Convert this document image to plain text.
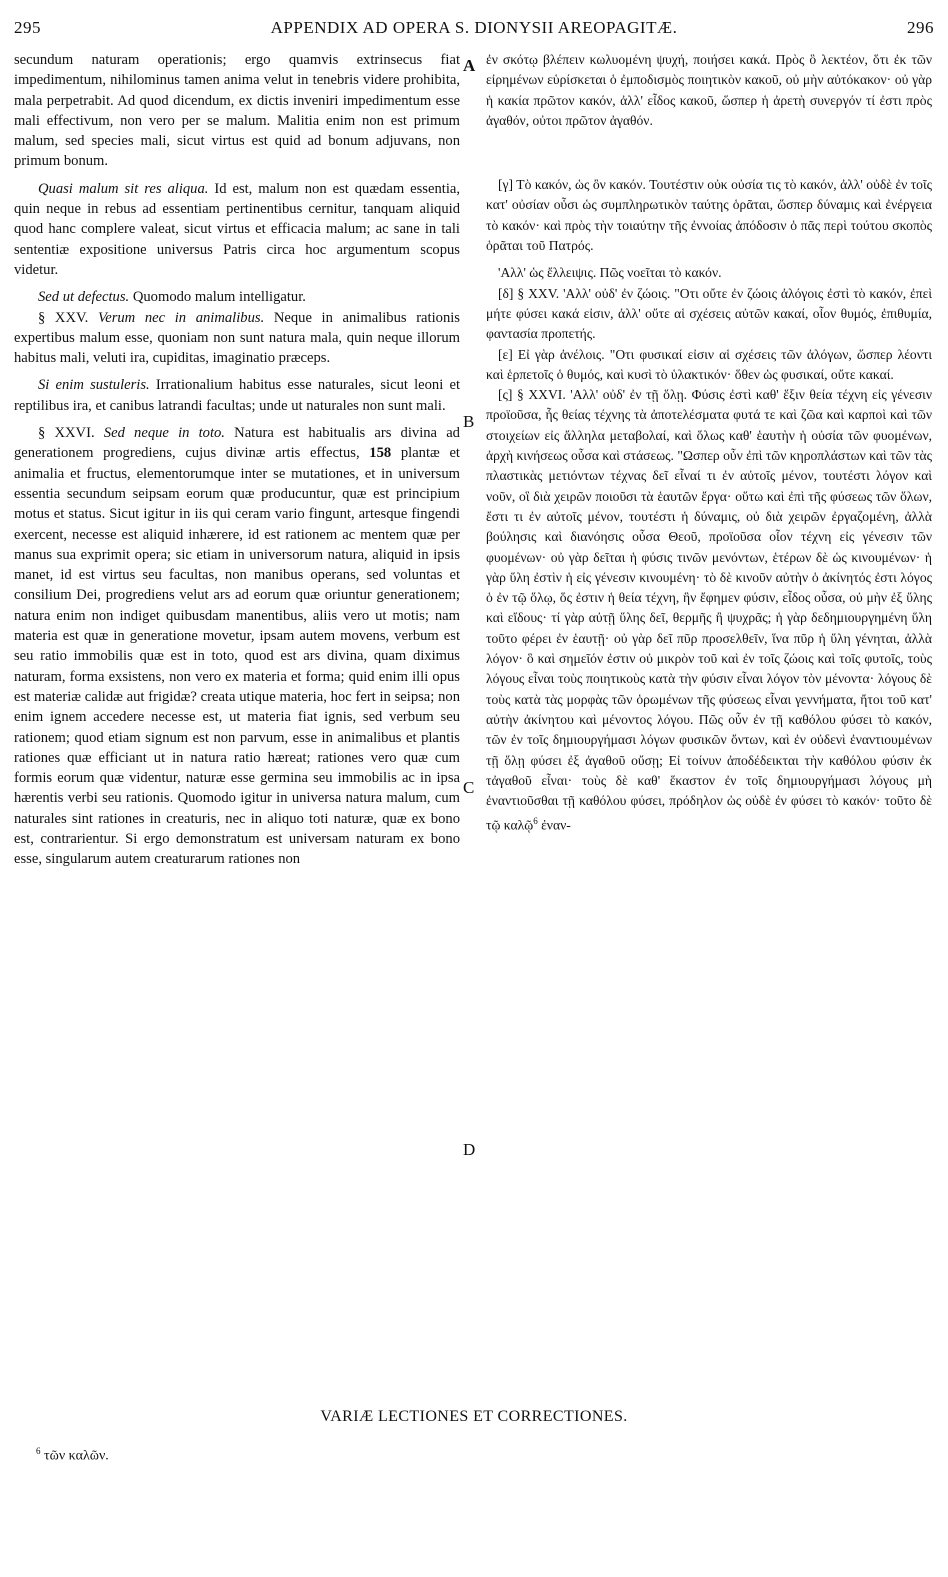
295	APPENDIX AD OPERA S. DIONYSII AREOPAGITÆ.	296

secundum naturam operationis; ergo quamvis extrinsecus fiat impedimentum, nihilominus tamen anima velut in tenebris videre prohibita, mala perpetrabit. Ad quod dicendum, ex dictis inveniri impedimentum esse mali effectivum, non vero per se malum. Malitia enim non est primum malum, sed species mali, sicut virtus est quid ad bonum adjuvans, non primum bonum.

Quasi malum sit res aliqua. Id est, malum non est quædam essentia, quin neque in rebus ad essentiam pertinentibus cernitur, tanquam aliquid quod hanc complere valeat, sicut virtus et efficacia malum; ac sane in tali sententiæ expositione universus Patris circa hoc argumentum scopus videtur.

Sed ut defectus. Quomodo malum intelligatur.

§ XXV. Verum nec in animalibus. Neque in animalibus rationis expertibus malum esse, quoniam non sunt natura mala, quin neque illorum habitus mali, veluti ira, cupiditas, imaginatio præceps.

Si enim sustuleris. Irrationalium habitus esse naturales, sicut leoni et reptilibus ira, et canibus latrandi facultas; unde ut naturales non sunt mali.

§ XXVI. Sed neque in toto. Natura est habitualis ars divina ad generationem progrediens, cujus divinæ artis effectus, 158 plantæ et animalia et fructus, elementorumque inter se mutationes, et in universum essentia secundum seipsam eorum quæ producuntur, quæ est principium motus et status. Sicut igitur in iis qui ceram vario fingunt, artesque fingendi exercent, necesse est aliquid inhærere, id est rationem ac mentem quæ per manus sua exprimit opera; sic etiam in universorum natura, aliquid in ipsis manet, id est virtus seu facultas, non manibus operans, sed voluntas et consilium Dei, progrediens velut ars ad eorum quæ oriuntur generationem; natura enim non indiget quibusdam manentibus, aliis vero ut motis; nam materia est quæ in generatione movetur, ipsam autem movens, verbum est seu ratio immobilis quæ est in toto, quod est ars divina, quam diximus naturam, forma exsistens, non vero ex materia et forma; quid enim illi opus est materiæ calidæ aut frigidæ? creata utique materia, hoc fert in seipsa; non enim ignem accedere necesse est, ut materia fiat ignis, sed verbum seu rationem; quod etiam signum est non parvum, esse in animalibus et plantis rationes quæ efficiant ut in natura ratio hæreat; rationes vero quæ cum formis eorum quæ videntur, naturæ esse germina seu immobilis ac in ipsa hærentis verbi seu rationis. Quomodo igitur in universa natura malum, cum naturales sint rationes in creaturis, nec in aliquo toti naturæ, quæ ex bono est, contrarientur. Si ergo demonstratum est universam naturam ex bono esse, singularum autem creaturarum rationes non

A
B
C
D

ἐν σκότῳ βλέπειν κωλυομένη ψυχή, ποιήσει κακά. Πρὸς ὃ λεκτέον, ὅτι ἐκ τῶν εἰρημένων εὑρίσκεται ὁ ἐμποδισμὸς ποιητικὸν κακοῦ, οὐ μὴν αὐτόκακον· οὐ γὰρ ἡ κακία πρῶτον κακόν, ἀλλ' εἶδος κακοῦ, ὥσπερ ἡ ἀρετὴ συνεργόν τί ἐστι πρὸς ἀγαθόν, οὐτοι πρῶτον ἀγαθόν.

[γ] Τὸ κακόν, ὡς ὂν κακόν. Τουτέστιν οὐκ οὐσία τις τὸ κακόν, ἀλλ' οὐδὲ ἐν τοῖς κατ' οὐσίαν οὖσι ὡς συμπληρωτικὸν ταύτης ὁρᾶται, ὥσπερ δύναμις καὶ ἐνέργεια τὸ κακόν· καὶ πρὸς τὴν τοιαύτην τῆς ἐννοίας ἀπόδοσιν ὁ πᾶς περὶ τούτου σκοπὸς ὁρᾶται τοῦ Πατρός.

'Αλλ' ὡς ἔλλειψις. Πῶς νοεῖται τὸ κακόν.

[δ] § XXV. 'Αλλ' οὐδ' ἐν ζώοις. "Οτι οὔτε ἐν ζώοις ἀλόγοις ἐστὶ τὸ κακόν, ἐπεὶ μήτε φύσει κακά εἰσιν, ἀλλ' οὔτε αἱ σχέσεις αὐτῶν κακαί, οἷον θυμός, ἐπιθυμία, φαντασία προπετής.

[ε] Εἰ γὰρ ἀνέλοις. "Οτι φυσικαί εἰσιν αἱ σχέσεις τῶν ἀλόγων, ὥσπερ λέοντι καὶ ἑρπετοῖς ὁ θυμός, καὶ κυσὶ τὸ ὑλακτικόν· ὅθεν ὡς φυσικαί, οὔτε κακαί.

[ς] § XXVI. 'Αλλ' οὐδ' ἐν τῇ ὅλῃ. Φύσις ἐστὶ καθ' ἕξιν θεία τέχνη εἰς γένεσιν προϊοῦσα, ἧς θείας τέχνης τὰ ἀποτελέσματα φυτά τε καὶ ζῶα καὶ καρποὶ καὶ τῶν στοιχείων εἰς ἄλληλα μεταβολαί, καὶ ὅλως καθ' ἑαυτὴν ἡ οὐσία τῶν φυομένων, ἀρχὴ κινήσεως οὖσα καὶ στάσεως. "Ωσπερ οὖν ἐπὶ τῶν κηροπλάστων καὶ τῶν τὰς πλαστικὰς μετιόντων τέχνας δεῖ εἶναί τι ἐν αὐτοῖς μένον, τουτέστι λόγον καὶ νοῦν, οἳ διὰ χειρῶν ποιοῦσι τὰ ἑαυτῶν ἔργα· οὕτω καὶ ἐπὶ τῆς φύσεως τῶν ὅλων, ἔστι τι ἐν αὐτοῖς μένον, τουτέστι ἡ δύναμις, οὐ διὰ χειρῶν ἐργαζομένη, ἀλλὰ βούλησις καὶ διανόησις οὖσα Θεοῦ, προϊοῦσα οἷον τέχνη εἰς γένεσιν τῶν φυομένων· οὐ γὰρ δεῖται ἡ φύσις τινῶν μενόντων, ἑτέρων δὲ ὡς κινουμένων· ἡ γὰρ ὕλη ἐστὶν ἡ εἰς γένεσιν κινουμένη· τὸ δὲ κινοῦν αὐτὴν ὁ ἀκίνητός ἐστι λόγος ὁ ἐν τῷ ὅλῳ, ὅς ἐστιν ἡ θεία τέχνη, ἣν ἔφημεν φύσιν, εἶδος οὖσα, οὐ μὴν ἐξ ὕλης καὶ εἴδους· τί γὰρ αὐτῇ ὕλης δεῖ, θερμῆς ἢ ψυχρᾶς; ἡ γὰρ δεδημιουργημένη ὕλη τοῦτο φέρει ἐν ἑαυτῇ· οὐ γὰρ δεῖ πῦρ προσελθεῖν, ἵνα πῦρ ἡ ὕλη γένηται, ἀλλὰ λόγον· ὃ καὶ σημεῖόν ἐστιν οὐ μικρὸν τοῦ καὶ ἐν τοῖς ζώοις καὶ τοῖς φυτοῖς, τοὺς λόγους εἶναι τοὺς ποιητικοὺς κατὰ τὴν φύσιν εἶναι λόγον τὸν μένοντα· λόγους δὲ τοὺς κατὰ τὰς μορφὰς τῶν ὁρωμένων τῆς φύσεως εἶναι γεννήματα, ἤτοι τοῦ κατ' αὐτὴν ἀκίνητου καὶ μένοντος λόγου. Πῶς οὖν ἐν τῇ καθόλου φύσει τὸ κακόν, τῶν ἐν τοῖς δημιουργήμασι λόγων φυσικῶν ὄντων, καὶ ἐν οὐδενὶ ἐναντιουμένων τῇ ὅλῃ φύσει ἐξ ἀγαθοῦ οὔσῃ; Εἰ τοίνυν ἀποδέδεικται τὴν καθόλου φύσιν ἐκ τἀγαθοῦ εἶναι· τοὺς δὲ καθ' ἕκαστον ἐν τοῖς δημιουργήμασι λόγους μὴ ἐναντιοῦσθαι τῇ καθόλου φύσει, πρόδηλον ὡς οὐδὲ ἐν φύσει τὸ κακόν· τοῦτο δὲ τῷ καλῷ$^6$ ἐναν-

VARIÆ LECTIONES ET CORRECTIONES.
$^6$ τῶν καλῶν.
